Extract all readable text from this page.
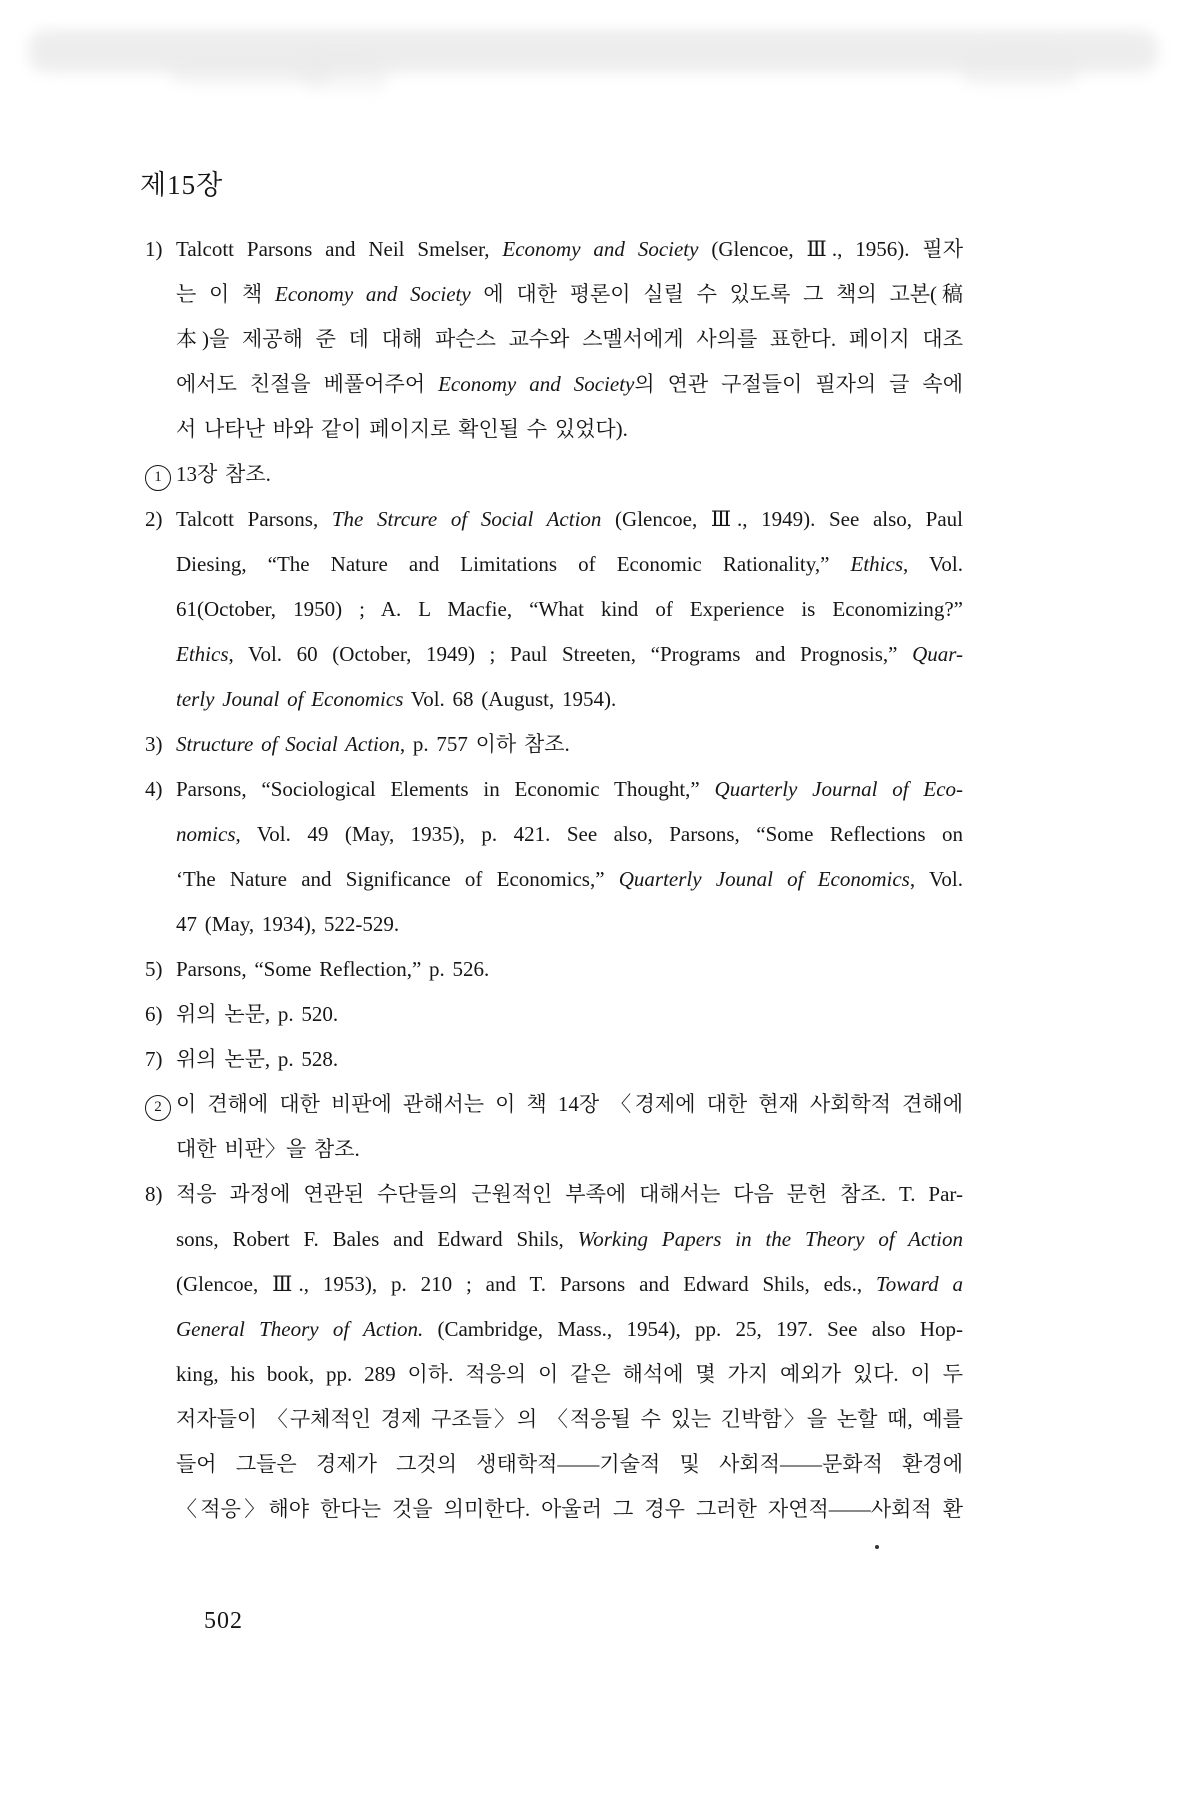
제15장
1) Talcott Parsons and Neil Smelser, Economy and Society (Glencoe, Ⅲ., 1956). 필자
는 이 책 Economy and Society 에 대한 평론이 실릴 수 있도록 그 책의 고본(稿
本)을 제공해 준 데 대해 파슨스 교수와 스멜서에게 사의를 표한다. 페이지 대조
에서도 친절을 베풀어주어 Economy and Society의 연관 구절들이 필자의 글 속에
서 나타난 바와 같이 페이지로 확인될 수 있었다).
1 13장 참조.
2) Talcott Parsons, The Strcure of Social Action (Glencoe, Ⅲ., 1949). See also, Paul
Diesing, “The Nature and Limitations of Economic Rationality,” Ethics, Vol.
61(October, 1950) ; A. L Macfie, “What kind of Experience is Economizing?”
Ethics, Vol. 60 (October, 1949) ; Paul Streeten, “Programs and Prognosis,” Quar-
terly Jounal of Economics Vol. 68 (August, 1954).
3) Structure of Social Action, p. 757 이하 참조.
4) Parsons, “Sociological Elements in Economic Thought,” Quarterly Journal of Eco-
nomics, Vol. 49 (May, 1935), p. 421. See also, Parsons, “Some Reflections on
‘The Nature and Significance of Economics,” Quarterly Jounal of Economics, Vol.
47 (May, 1934), 522-529.
5) Parsons, “Some Reflection,” p. 526.
6) 위의 논문, p. 520.
7) 위의 논문, p. 528.
2 이 견해에 대한 비판에 관해서는 이 책 14장 〈경제에 대한 현재 사회학적 견해에
대한 비판〉을 참조.
8) 적응 과정에 연관된 수단들의 근원적인 부족에 대해서는 다음 문헌 참조. T. Par-
sons, Robert F. Bales and Edward Shils, Working Papers in the Theory of Action
(Glencoe, Ⅲ., 1953), p. 210 ; and T. Parsons and Edward Shils, eds., Toward a
General Theory of Action. (Cambridge, Mass., 1954), pp. 25, 197. See also Hop-
king, his book, pp. 289 이하. 적응의 이 같은 해석에 몇 가지 예외가 있다. 이 두
저자들이 〈구체적인 경제 구조들〉의 〈적응될 수 있는 긴박함〉을 논할 때, 예를
들어 그들은 경제가 그것의 생태학적——기술적 및 사회적——문화적 환경에
〈적응〉해야 한다는 것을 의미한다. 아울러 그 경우 그러한 자연적——사회적 환
502
